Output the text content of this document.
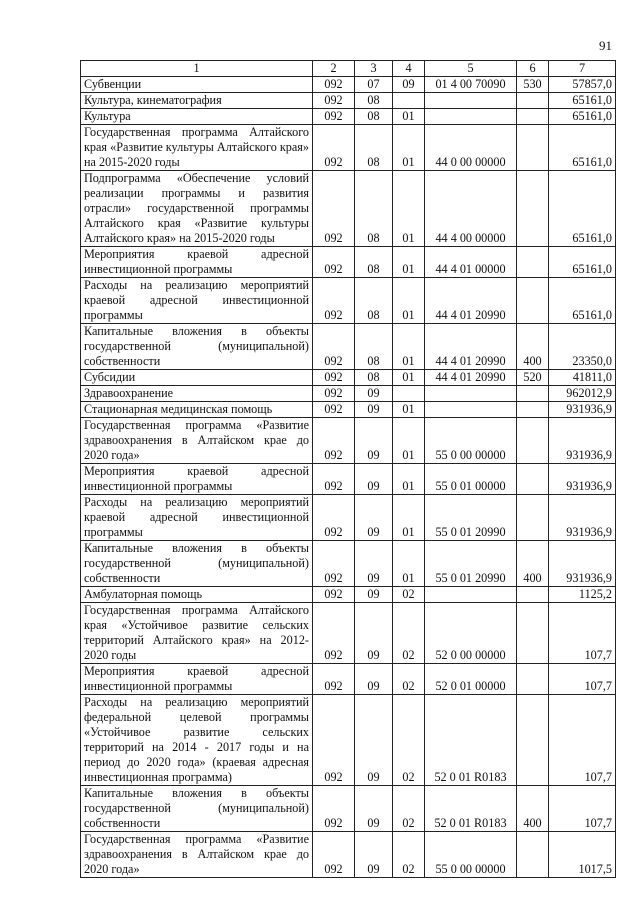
91
1	2	3	4	5	6	7
Субвенции	092	07	09	01 4 00 70090	530	57857,0
Культура, кинематография	092	08				65161,0
Культура	092	08	01			65161,0
Государственная программа Алтайского края «Развитие культуры Алтайского края» на 2015-2020 годы	092	08	01	44 0 00 00000		65161,0
Подпрограмма «Обеспечение условий реализации программы и развития отрасли» государственной программы Алтайского края «Развитие культуры Алтайского края» на 2015-2020 годы	092	08	01	44 4 00 00000		65161,0
Мероприятия краевой адресной инвестиционной программы	092	08	01	44 4 01 00000		65161,0
Расходы на реализацию мероприятий краевой адресной инвестиционной программы	092	08	01	44 4 01 20990		65161,0
Капитальные вложения в объекты государственной (муниципальной) собственности	092	08	01	44 4 01 20990	400	23350,0
Субсидии	092	08	01	44 4 01 20990	520	41811,0
Здравоохранение	092	09				962012,9
Стационарная медицинская помощь	092	09	01			931936,9
Государственная программа «Развитие здравоохранения в Алтайском крае до 2020 года»	092	09	01	55 0 00 00000		931936,9
Мероприятия краевой адресной инвестиционной программы	092	09	01	55 0 01 00000		931936,9
Расходы на реализацию мероприятий краевой адресной инвестиционной программы	092	09	01	55 0 01 20990		931936,9
Капитальные вложения в объекты государственной (муниципальной) собственности	092	09	01	55 0 01 20990	400	931936,9
Амбулаторная помощь	092	09	02			1125,2
Государственная программа Алтайского края «Устойчивое развитие сельских территорий Алтайского края» на 2012-2020 годы	092	09	02	52 0 00 00000		107,7
Мероприятия краевой адресной инвестиционной программы	092	09	02	52 0 01 00000		107,7
Расходы на реализацию мероприятий федеральной целевой программы «Устойчивое развитие сельских территорий на 2014 - 2017 годы и на период до 2020 года» (краевая адресная инвестиционная программа)	092	09	02	52 0 01 R0183		107,7
Капитальные вложения в объекты государственной (муниципальной) собственности	092	09	02	52 0 01 R0183	400	107,7
Государственная программа «Развитие здравоохранения в Алтайском крае до 2020 года»	092	09	02	55 0 00 00000		1017,5
